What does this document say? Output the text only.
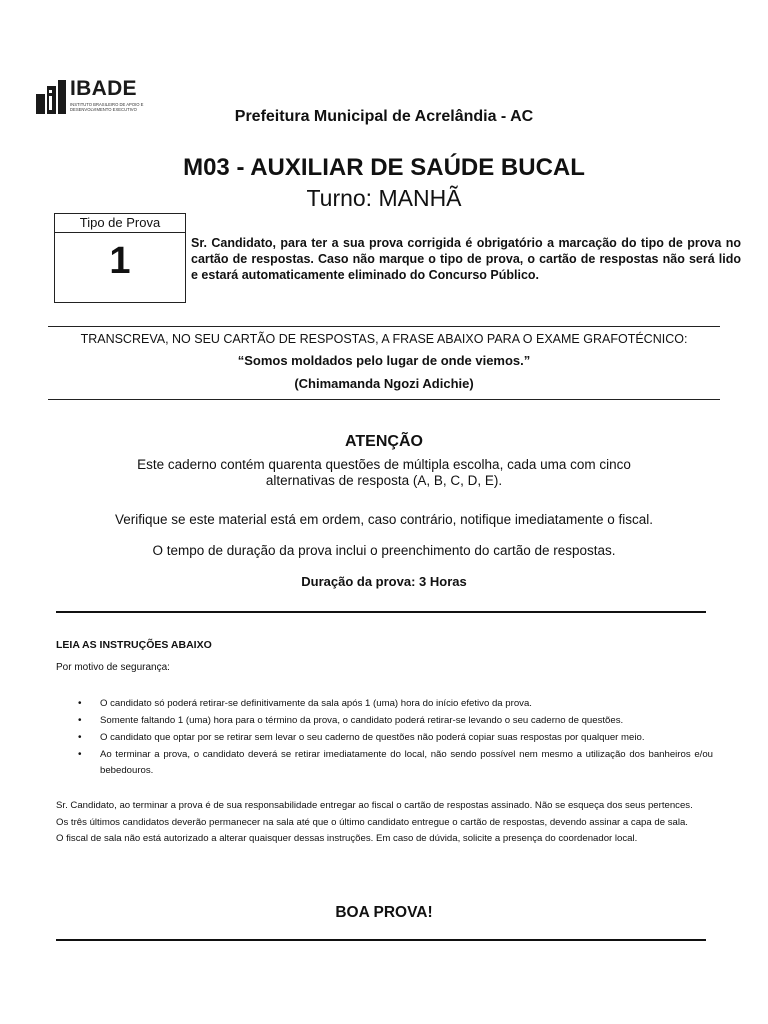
IBADE
INSTITUTO BRASILEIRO DE APOIO E DESENVOLVIMENTO EXECUTIVO	Prefeitura Municipal de Acrelândia - AC
M03 - AUXILIAR DE SAÚDE BUCAL
Turno: MANHÃ
Tipo de Prova
1	Sr. Candidato, para ter a sua prova corrigida é obrigatório a marcação do tipo de prova no cartão de respostas. Caso não marque o tipo de prova, o cartão de respostas não será lido e estará automaticamente eliminado do Concurso Público.
TRANSCREVA, NO SEU CARTÃO DE RESPOSTAS, A FRASE ABAIXO PARA O EXAME GRAFOTÉCNICO:
“Somos moldados pelo lugar de onde viemos.”
(Chimamanda Ngozi Adichie)
ATENÇÃO
Este caderno contém quarenta questões de múltipla escolha, cada uma com cinco
alternativas de resposta (A, B, C, D, E).
Verifique se este material está em ordem, caso contrário, notifique imediatamente o fiscal.
O tempo de duração da prova inclui o preenchimento do cartão de respostas.
Duração da prova: 3 Horas
LEIA AS INSTRUÇÕES ABAIXO
Por motivo de segurança:
• O candidato só poderá retirar-se definitivamente da sala após 1 (uma) hora do início efetivo da prova.
• Somente faltando 1 (uma) hora para o término da prova, o candidato poderá retirar-se levando o seu caderno de questões.
• O candidato que optar por se retirar sem levar o seu caderno de questões não poderá copiar suas respostas por qualquer meio.
• Ao terminar a prova, o candidato deverá se retirar imediatamente do local, não sendo possível nem mesmo a utilização dos banheiros e/ou bebedouros.

Sr. Candidato, ao terminar a prova é de sua responsabilidade entregar ao fiscal o cartão de respostas assinado. Não se esqueça dos seus pertences.

Os três últimos candidatos deverão permanecer na sala até que o último candidato entregue o cartão de respostas, devendo assinar a capa de sala.

O fiscal de sala não está autorizado a alterar quaisquer dessas instruções. Em caso de dúvida, solicite a presença do coordenador local.

BOA PROVA!
